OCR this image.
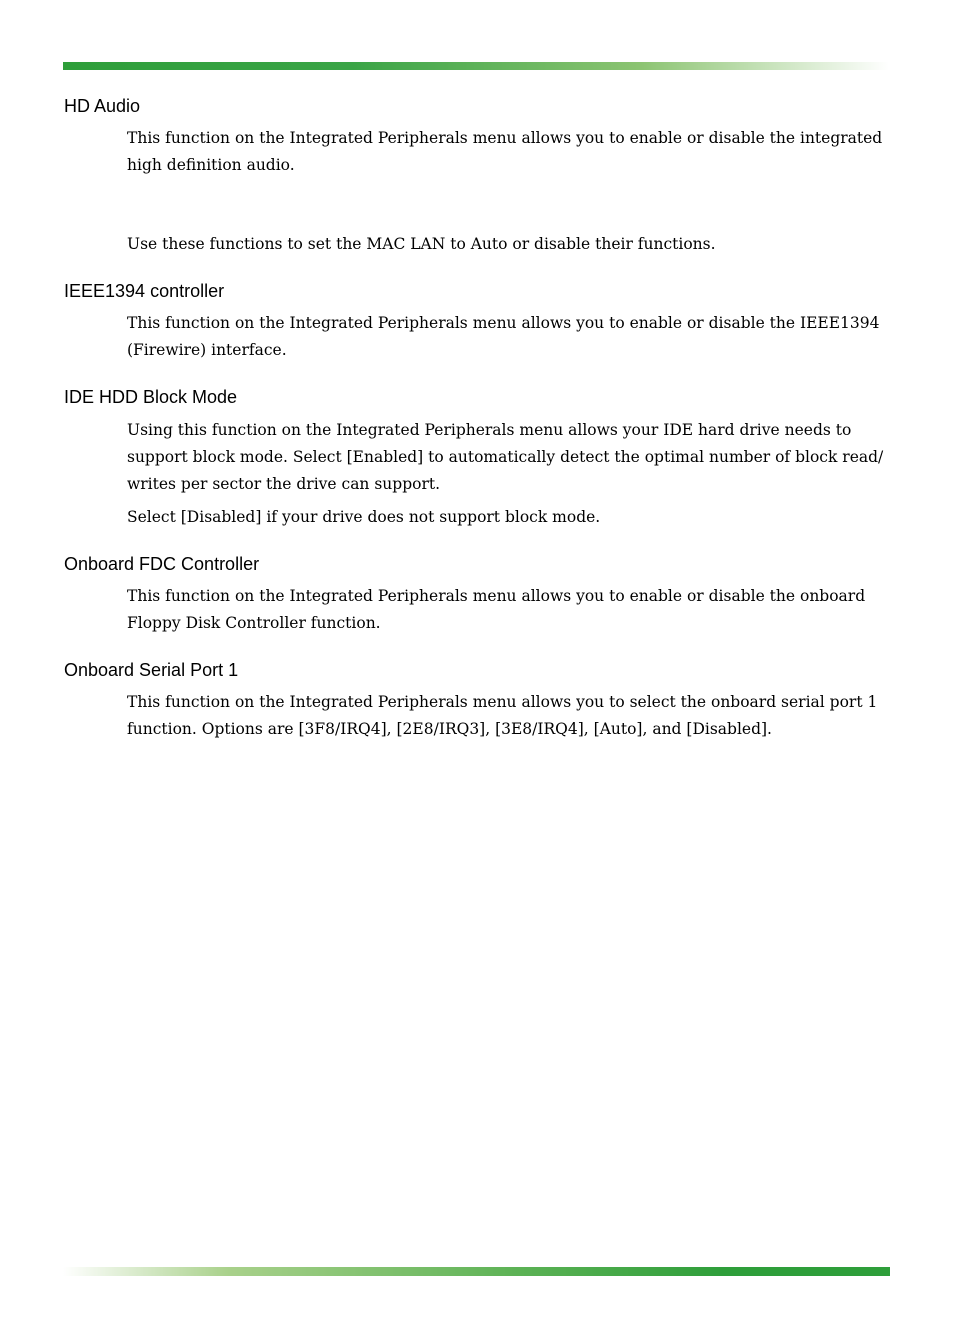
HD Audio

This function on the Integrated Peripherals menu allows you to enable or disable the integrated high definition audio.

Use these functions to set the MAC LAN to Auto or disable their functions.

IEEE1394 controller

This function on the Integrated Peripherals menu allows you to enable or disable the IEEE1394 (Firewire) interface.

IDE HDD Block Mode

Using this function on the Integrated Peripherals menu allows your IDE hard drive needs to support block mode. Select [Enabled] to automatically detect the optimal number of block read/ writes per sector the drive can support.

Select [Disabled] if your drive does not support block mode.

Onboard FDC Controller

This function on the Integrated Peripherals menu allows you to enable or disable the onboard Floppy Disk Controller function.

Onboard Serial Port 1

This function on the Integrated Peripherals menu allows you to select the onboard serial port 1 function. Options are [3F8/IRQ4], [2E8/IRQ3], [3E8/IRQ4], [Auto], and [Disabled].
